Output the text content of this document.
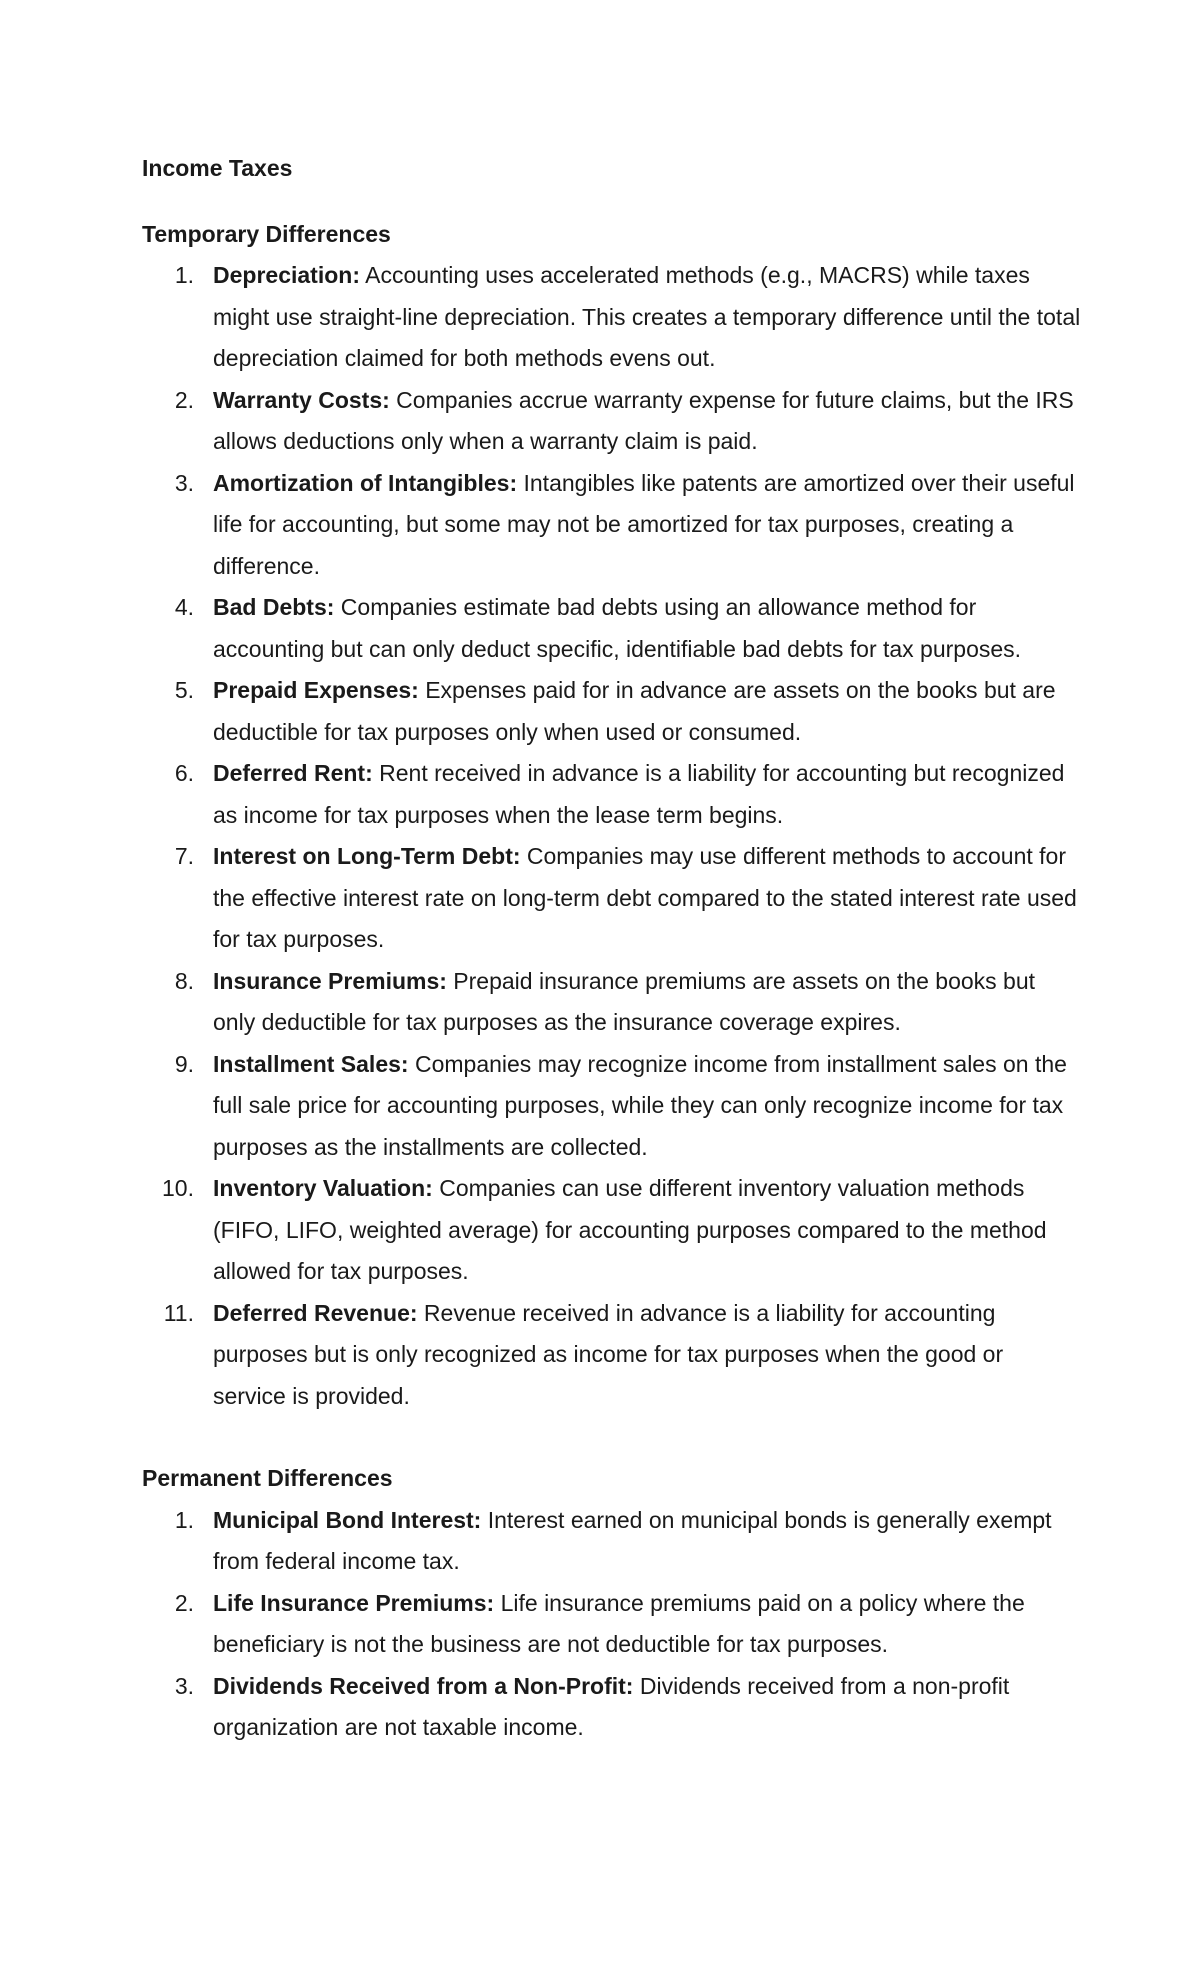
Income Taxes

Temporary Differences

1. Depreciation: Accounting uses accelerated methods (e.g., MACRS) while taxes might use straight-line depreciation. This creates a temporary difference until the total depreciation claimed for both methods evens out.
2. Warranty Costs: Companies accrue warranty expense for future claims, but the IRS allows deductions only when a warranty claim is paid.
3. Amortization of Intangibles: Intangibles like patents are amortized over their useful life for accounting, but some may not be amortized for tax purposes, creating a difference.
4. Bad Debts: Companies estimate bad debts using an allowance method for accounting but can only deduct specific, identifiable bad debts for tax purposes.
5. Prepaid Expenses: Expenses paid for in advance are assets on the books but are deductible for tax purposes only when used or consumed.
6. Deferred Rent: Rent received in advance is a liability for accounting but recognized as income for tax purposes when the lease term begins.
7. Interest on Long-Term Debt: Companies may use different methods to account for the effective interest rate on long-term debt compared to the stated interest rate used for tax purposes.
8. Insurance Premiums: Prepaid insurance premiums are assets on the books but only deductible for tax purposes as the insurance coverage expires.
9. Installment Sales: Companies may recognize income from installment sales on the full sale price for accounting purposes, while they can only recognize income for tax purposes as the installments are collected.
10. Inventory Valuation: Companies can use different inventory valuation methods (FIFO, LIFO, weighted average) for accounting purposes compared to the method allowed for tax purposes.
11. Deferred Revenue: Revenue received in advance is a liability for accounting purposes but is only recognized as income for tax purposes when the good or service is provided.

Permanent Differences

1. Municipal Bond Interest: Interest earned on municipal bonds is generally exempt from federal income tax.
2. Life Insurance Premiums: Life insurance premiums paid on a policy where the beneficiary is not the business are not deductible for tax purposes.
3. Dividends Received from a Non-Profit: Dividends received from a non-profit organization are not taxable income.
